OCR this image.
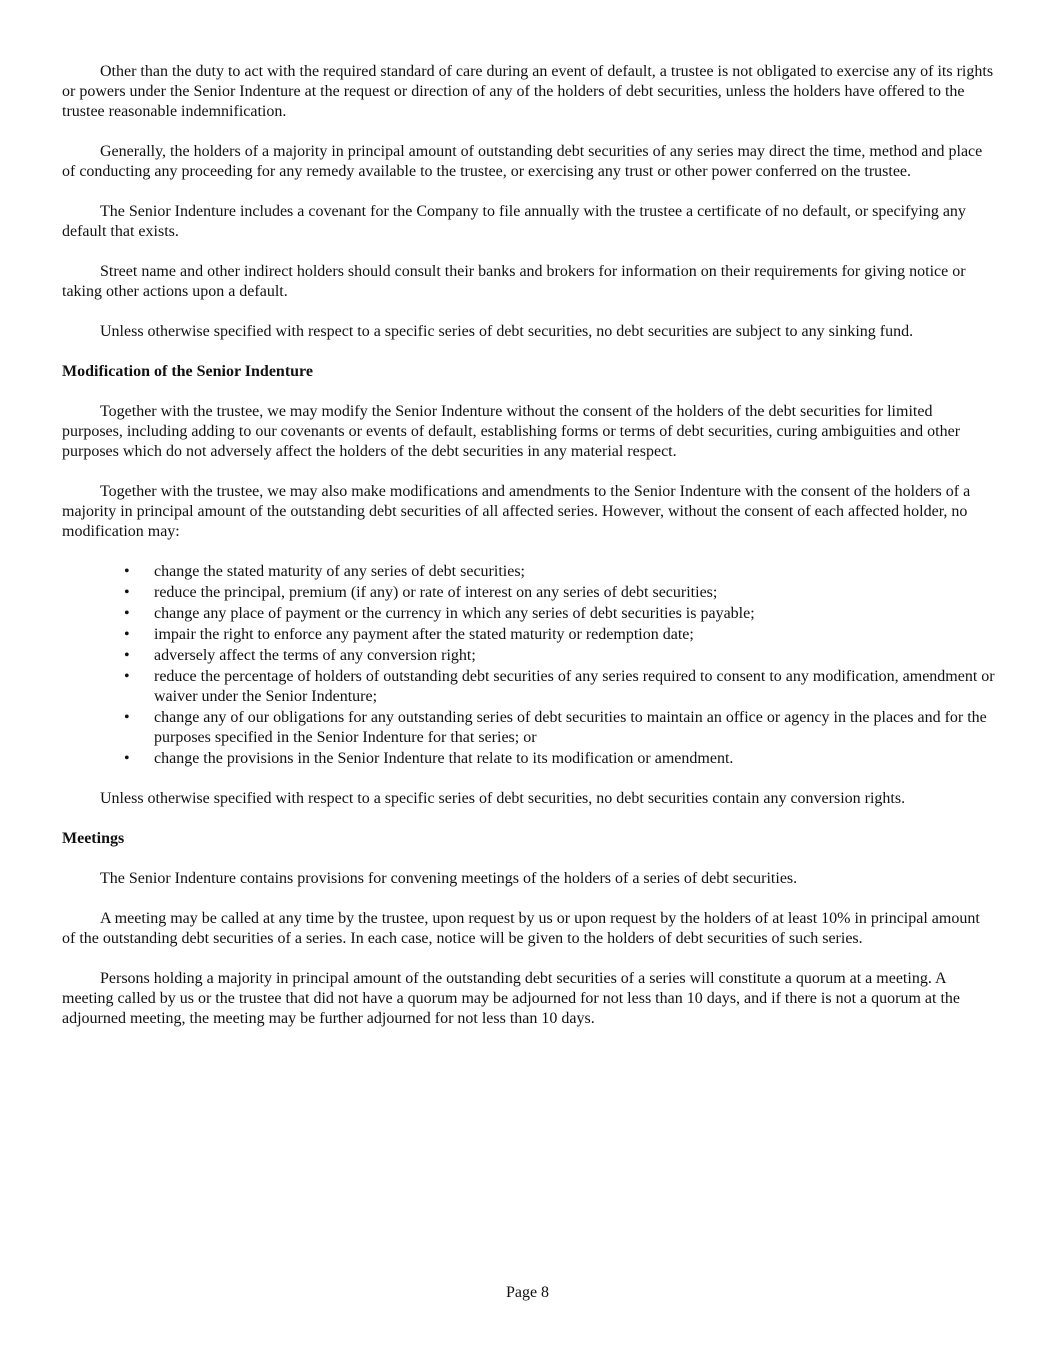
Other than the duty to act with the required standard of care during an event of default, a trustee is not obligated to exercise any of its rights or powers under the Senior Indenture at the request or direction of any of the holders of debt securities, unless the holders have offered to the trustee reasonable indemnification.

Generally, the holders of a majority in principal amount of outstanding debt securities of any series may direct the time, method and place of conducting any proceeding for any remedy available to the trustee, or exercising any trust or other power conferred on the trustee.

The Senior Indenture includes a covenant for the Company to file annually with the trustee a certificate of no default, or specifying any default that exists.

Street name and other indirect holders should consult their banks and brokers for information on their requirements for giving notice or taking other actions upon a default.

Unless otherwise specified with respect to a specific series of debt securities, no debt securities are subject to any sinking fund.

Modification of the Senior Indenture

Together with the trustee, we may modify the Senior Indenture without the consent of the holders of the debt securities for limited purposes, including adding to our covenants or events of default, establishing forms or terms of debt securities, curing ambiguities and other purposes which do not adversely affect the holders of the debt securities in any material respect.

Together with the trustee, we may also make modifications and amendments to the Senior Indenture with the consent of the holders of a majority in principal amount of the outstanding debt securities of all affected series. However, without the consent of each affected holder, no modification may:

• change the stated maturity of any series of debt securities;
• reduce the principal, premium (if any) or rate of interest on any series of debt securities;
• change any place of payment or the currency in which any series of debt securities is payable;
• impair the right to enforce any payment after the stated maturity or redemption date;
• adversely affect the terms of any conversion right;
• reduce the percentage of holders of outstanding debt securities of any series required to consent to any modification, amendment or waiver under the Senior Indenture;
• change any of our obligations for any outstanding series of debt securities to maintain an office or agency in the places and for the purposes specified in the Senior Indenture for that series; or
• change the provisions in the Senior Indenture that relate to its modification or amendment.

Unless otherwise specified with respect to a specific series of debt securities, no debt securities contain any conversion rights.

Meetings

The Senior Indenture contains provisions for convening meetings of the holders of a series of debt securities.

A meeting may be called at any time by the trustee, upon request by us or upon request by the holders of at least 10% in principal amount of the outstanding debt securities of a series. In each case, notice will be given to the holders of debt securities of such series.

Persons holding a majority in principal amount of the outstanding debt securities of a series will constitute a quorum at a meeting. A meeting called by us or the trustee that did not have a quorum may be adjourned for not less than 10 days, and if there is not a quorum at the adjourned meeting, the meeting may be further adjourned for not less than 10 days.

Page 8
